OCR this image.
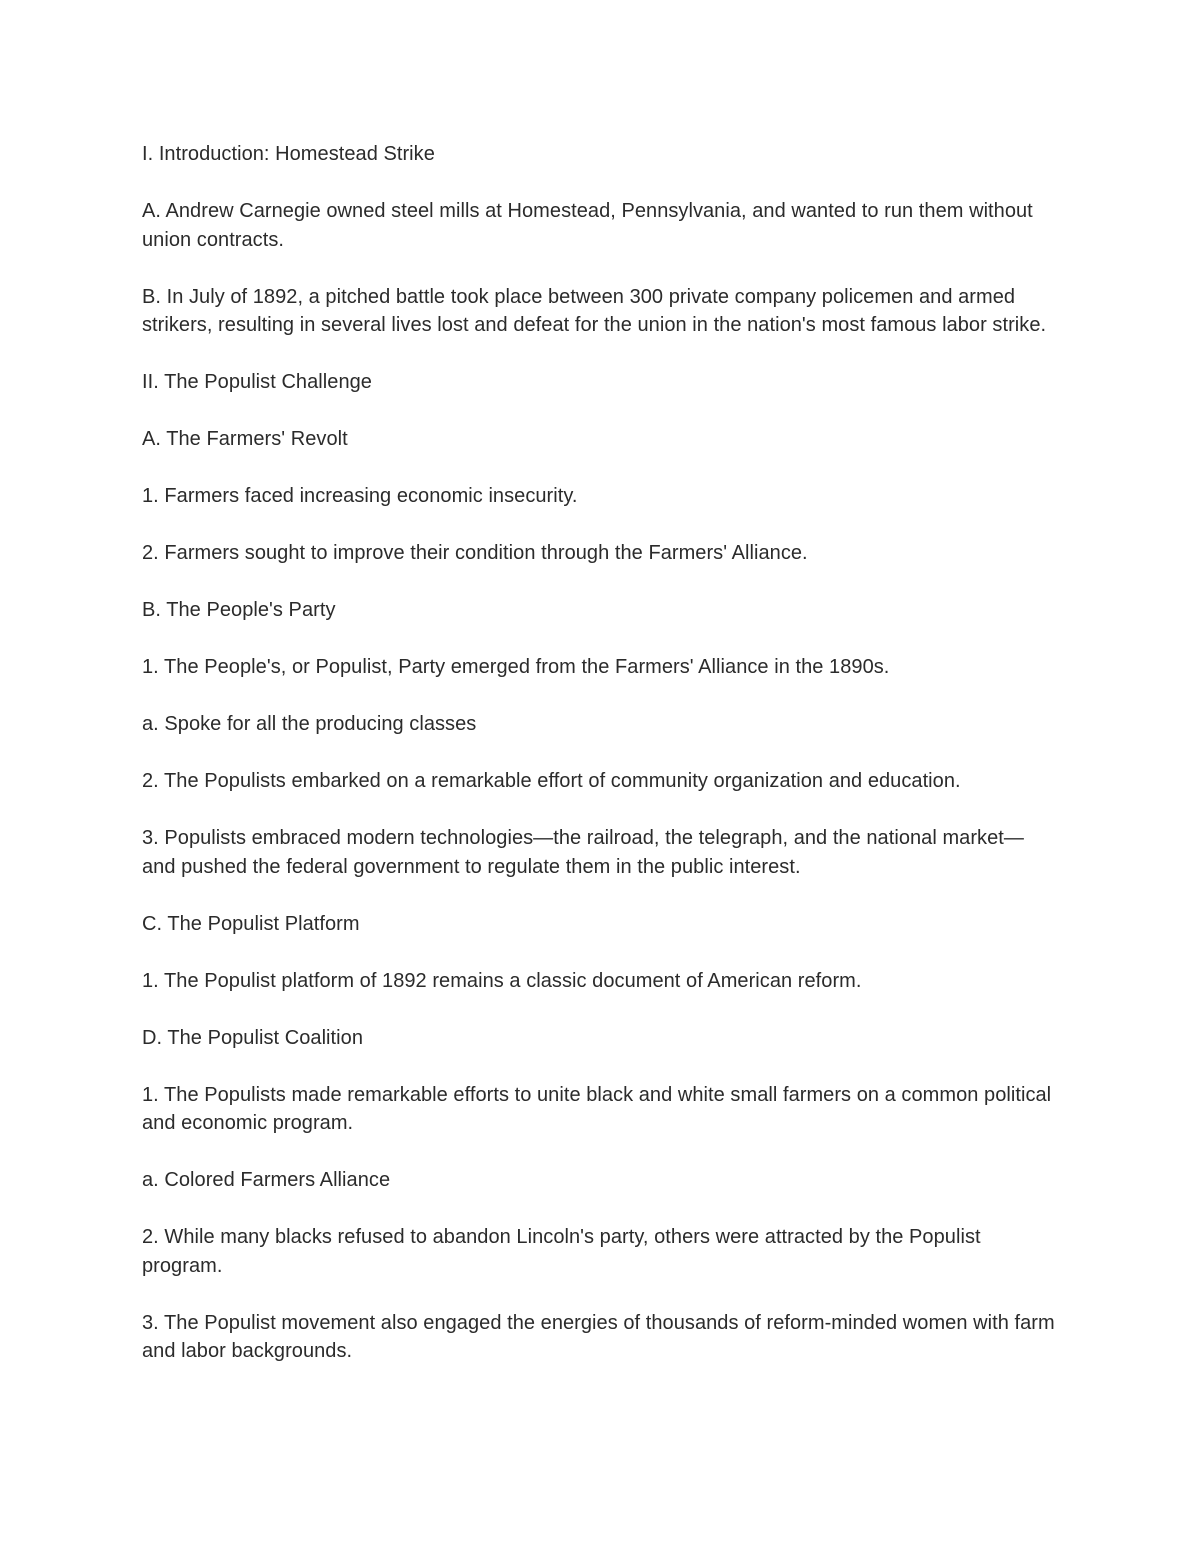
I. Introduction: Homestead Strike

A. Andrew Carnegie owned steel mills at Homestead, Pennsylvania, and wanted to run them without union contracts.

B. In July of 1892, a pitched battle took place between 300 private company policemen and armed strikers, resulting in several lives lost and defeat for the union in the nation's most famous labor strike.

II. The Populist Challenge

A. The Farmers' Revolt

1. Farmers faced increasing economic insecurity.

2. Farmers sought to improve their condition through the Farmers' Alliance.

B. The People's Party

1. The People's, or Populist, Party emerged from the Farmers' Alliance in the 1890s.

a. Spoke for all the producing classes

2. The Populists embarked on a remarkable effort of community organization and education.

3. Populists embraced modern technologies—the railroad, the telegraph, and the national market—and pushed the federal government to regulate them in the public interest.

C. The Populist Platform

1. The Populist platform of 1892 remains a classic document of American reform.

D. The Populist Coalition

1. The Populists made remarkable efforts to unite black and white small farmers on a common political and economic program.

a. Colored Farmers Alliance

2. While many blacks refused to abandon Lincoln's party, others were attracted by the Populist program.

3. The Populist movement also engaged the energies of thousands of reform-minded women with farm and labor backgrounds.
